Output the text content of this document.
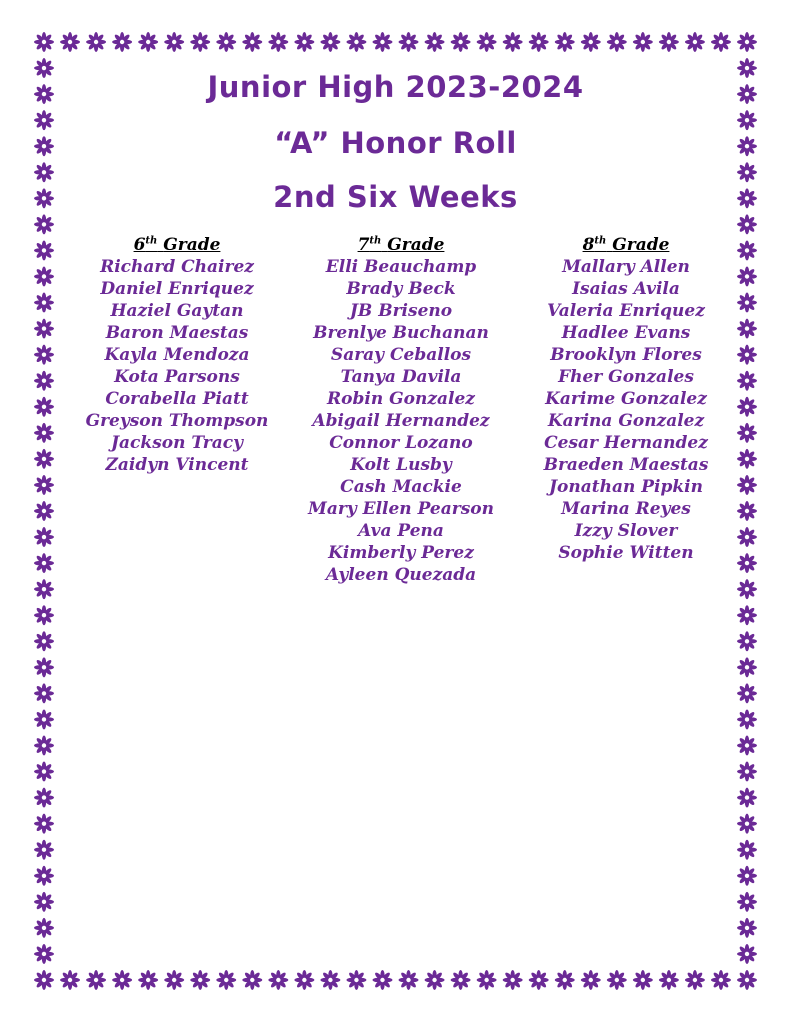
Junior High 2023-2024
“A” Honor Roll
2nd Six Weeks
6th Grade
Richard Chairez
Daniel Enriquez
Haziel Gaytan
Baron Maestas
Kayla Mendoza
Kota Parsons
Corabella Piatt
Greyson Thompson
Jackson Tracy
Zaidyn Vincent
7th Grade
Elli Beauchamp
Brady Beck
JB Briseno
Brenlye Buchanan
Saray Ceballos
Tanya Davila
Robin Gonzalez
Abigail Hernandez
Connor Lozano
Kolt Lusby
Cash Mackie
Mary Ellen Pearson
Ava Pena
Kimberly Perez
Ayleen Quezada
8th Grade
Mallary Allen
Isaias Avila
Valeria Enriquez
Hadlee Evans
Brooklyn Flores
Fher Gonzales
Karime Gonzalez
Karina Gonzalez
Cesar Hernandez
Braeden Maestas
Jonathan Pipkin
Marina Reyes
Izzy Slover
Sophie Witten
